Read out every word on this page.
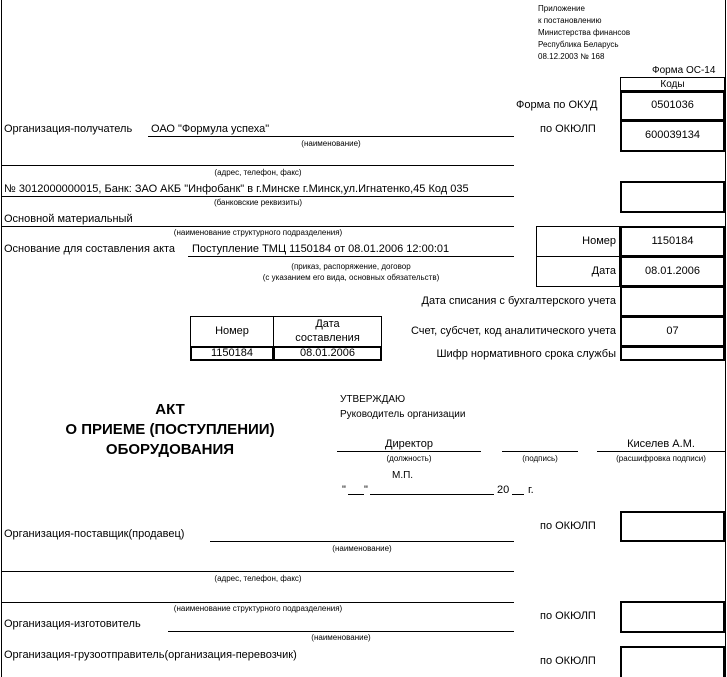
Приложение
к постановлению
Министерства финансов
Республика Беларусь
08.12.2003 № 168
Форма ОС-14
Коды
Форма по ОКУД	0501036
по ОКЮЛП	600039134
Организация-получатель ОАО "Формула успеха"
(наименование)
(адрес, телефон, факс)
№ 3012000000015, Банк: ЗАО АКБ "Инфобанк" в г.Минске г.Минск,ул.Игнатенко,45 Код 035
(банковские реквизиты)
Основной материальный
(наименование структурного подразделения)
Основание для составления акта Поступление ТМЦ 1150184 от 08.01.2006 12:00:01
(приказ, распоряжение, договор
(с указанием его вида, основных обязательств)
Номер	1150184
Дата	08.01.2006
Дата списания с бухгалтерского учета
Счет, субсчет, код аналитического учета	07
Шифр нормативного срока службы
Номер
Дата
составления
1150184	08.01.2006
АКТ
О ПРИЕМЕ (ПОСТУПЛЕНИИ)
ОБОРУДОВАНИЯ
УТВЕРЖДАЮ
Руководитель организации
Директор
(должность)	(подпись)
Киселев А.М.
(расшифровка подписи)
М.П.
" "	20 г.
Организация-поставщик(продавец)
(наименование)
по ОКЮЛП
(адрес, телефон, факс)
(наименование структурного подразделения)
Организация-изготовитель
(наименование)
по ОКЮЛП
Организация-грузоотправитель(организация-перевозчик)	по ОКЮЛП
